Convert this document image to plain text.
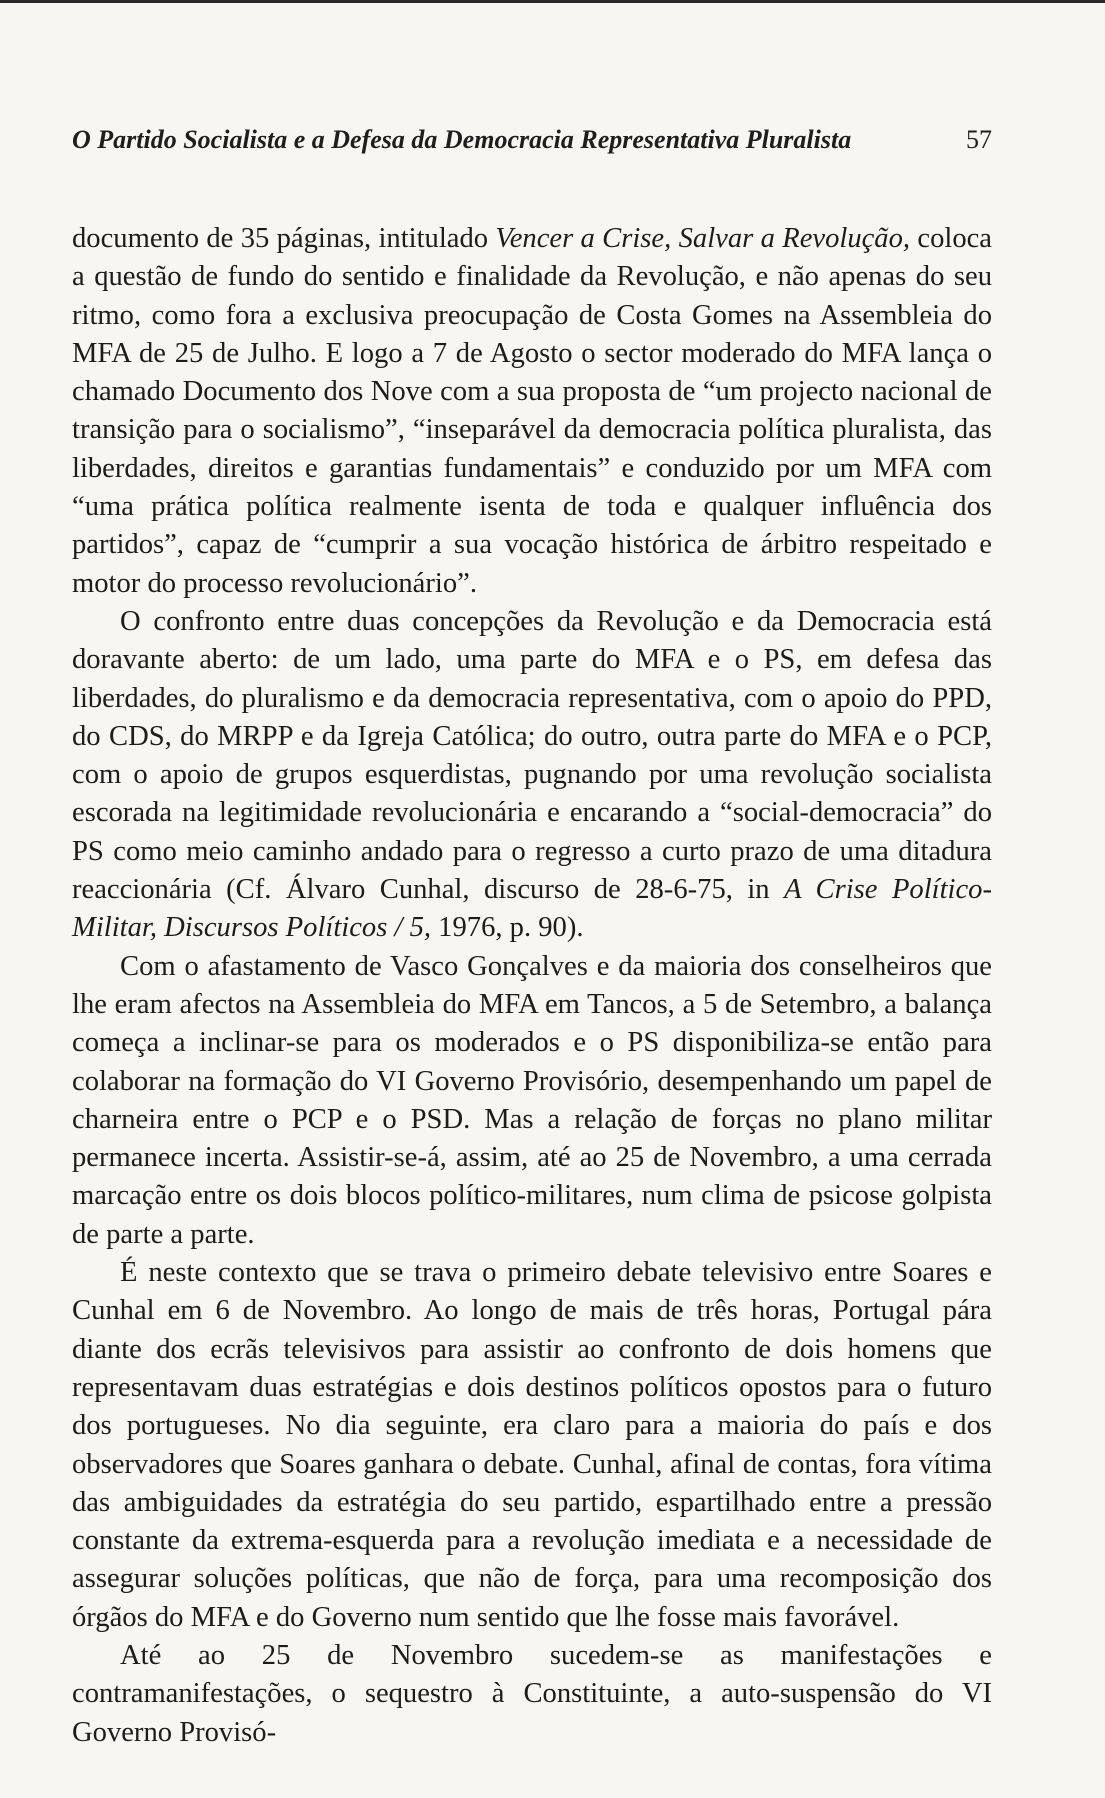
O Partido Socialista e a Defesa da Democracia Representativa Pluralista	57

documento de 35 páginas, intitulado Vencer a Crise, Salvar a Revolução, coloca a questão de fundo do sentido e finalidade da Revolução, e não apenas do seu ritmo, como fora a exclusiva preocupação de Costa Gomes na Assembleia do MFA de 25 de Julho. E logo a 7 de Agosto o sector moderado do MFA lança o chamado Documento dos Nove com a sua proposta de “um projecto nacional de transição para o socialismo”, “inseparável da democracia política pluralista, das liberdades, direitos e garantias fundamentais” e conduzido por um MFA com “uma prática política realmente isenta de toda e qualquer influência dos partidos”, capaz de “cumprir a sua vocação histórica de árbitro respeitado e motor do processo revolucionário”.

O confronto entre duas concepções da Revolução e da Democracia está doravante aberto: de um lado, uma parte do MFA e o PS, em defesa das liberdades, do pluralismo e da democracia representativa, com o apoio do PPD, do CDS, do MRPP e da Igreja Católica; do outro, outra parte do MFA e o PCP, com o apoio de grupos esquerdistas, pugnando por uma revolução socialista escorada na legitimidade revolucionária e encarando a “social-democracia” do PS como meio caminho andado para o regresso a curto prazo de uma ditadura reaccionária (Cf. Álvaro Cunhal, discurso de 28-6-75, in A Crise Político-Militar, Discursos Políticos / 5, 1976, p. 90).

Com o afastamento de Vasco Gonçalves e da maioria dos conselheiros que lhe eram afectos na Assembleia do MFA em Tancos, a 5 de Setembro, a balança começa a inclinar-se para os moderados e o PS disponibiliza-se então para colaborar na formação do VI Governo Provisório, desempenhando um papel de charneira entre o PCP e o PSD. Mas a relação de forças no plano militar permanece incerta. Assistir-se-á, assim, até ao 25 de Novembro, a uma cerrada marcação entre os dois blocos político-militares, num clima de psicose golpista de parte a parte.

É neste contexto que se trava o primeiro debate televisivo entre Soares e Cunhal em 6 de Novembro. Ao longo de mais de três horas, Portugal pára diante dos ecrãs televisivos para assistir ao confronto de dois homens que representavam duas estratégias e dois destinos políticos opostos para o futuro dos portugueses. No dia seguinte, era claro para a maioria do país e dos observadores que Soares ganhara o debate. Cunhal, afinal de contas, fora vítima das ambiguidades da estratégia do seu partido, espartilhado entre a pressão constante da extrema-esquerda para a revolução imediata e a necessidade de assegurar soluções políticas, que não de força, para uma recomposição dos órgãos do MFA e do Governo num sentido que lhe fosse mais favorável.

Até ao 25 de Novembro sucedem-se as manifestações e contramanifestações, o sequestro à Constituinte, a auto-suspensão do VI Governo Provisó-
